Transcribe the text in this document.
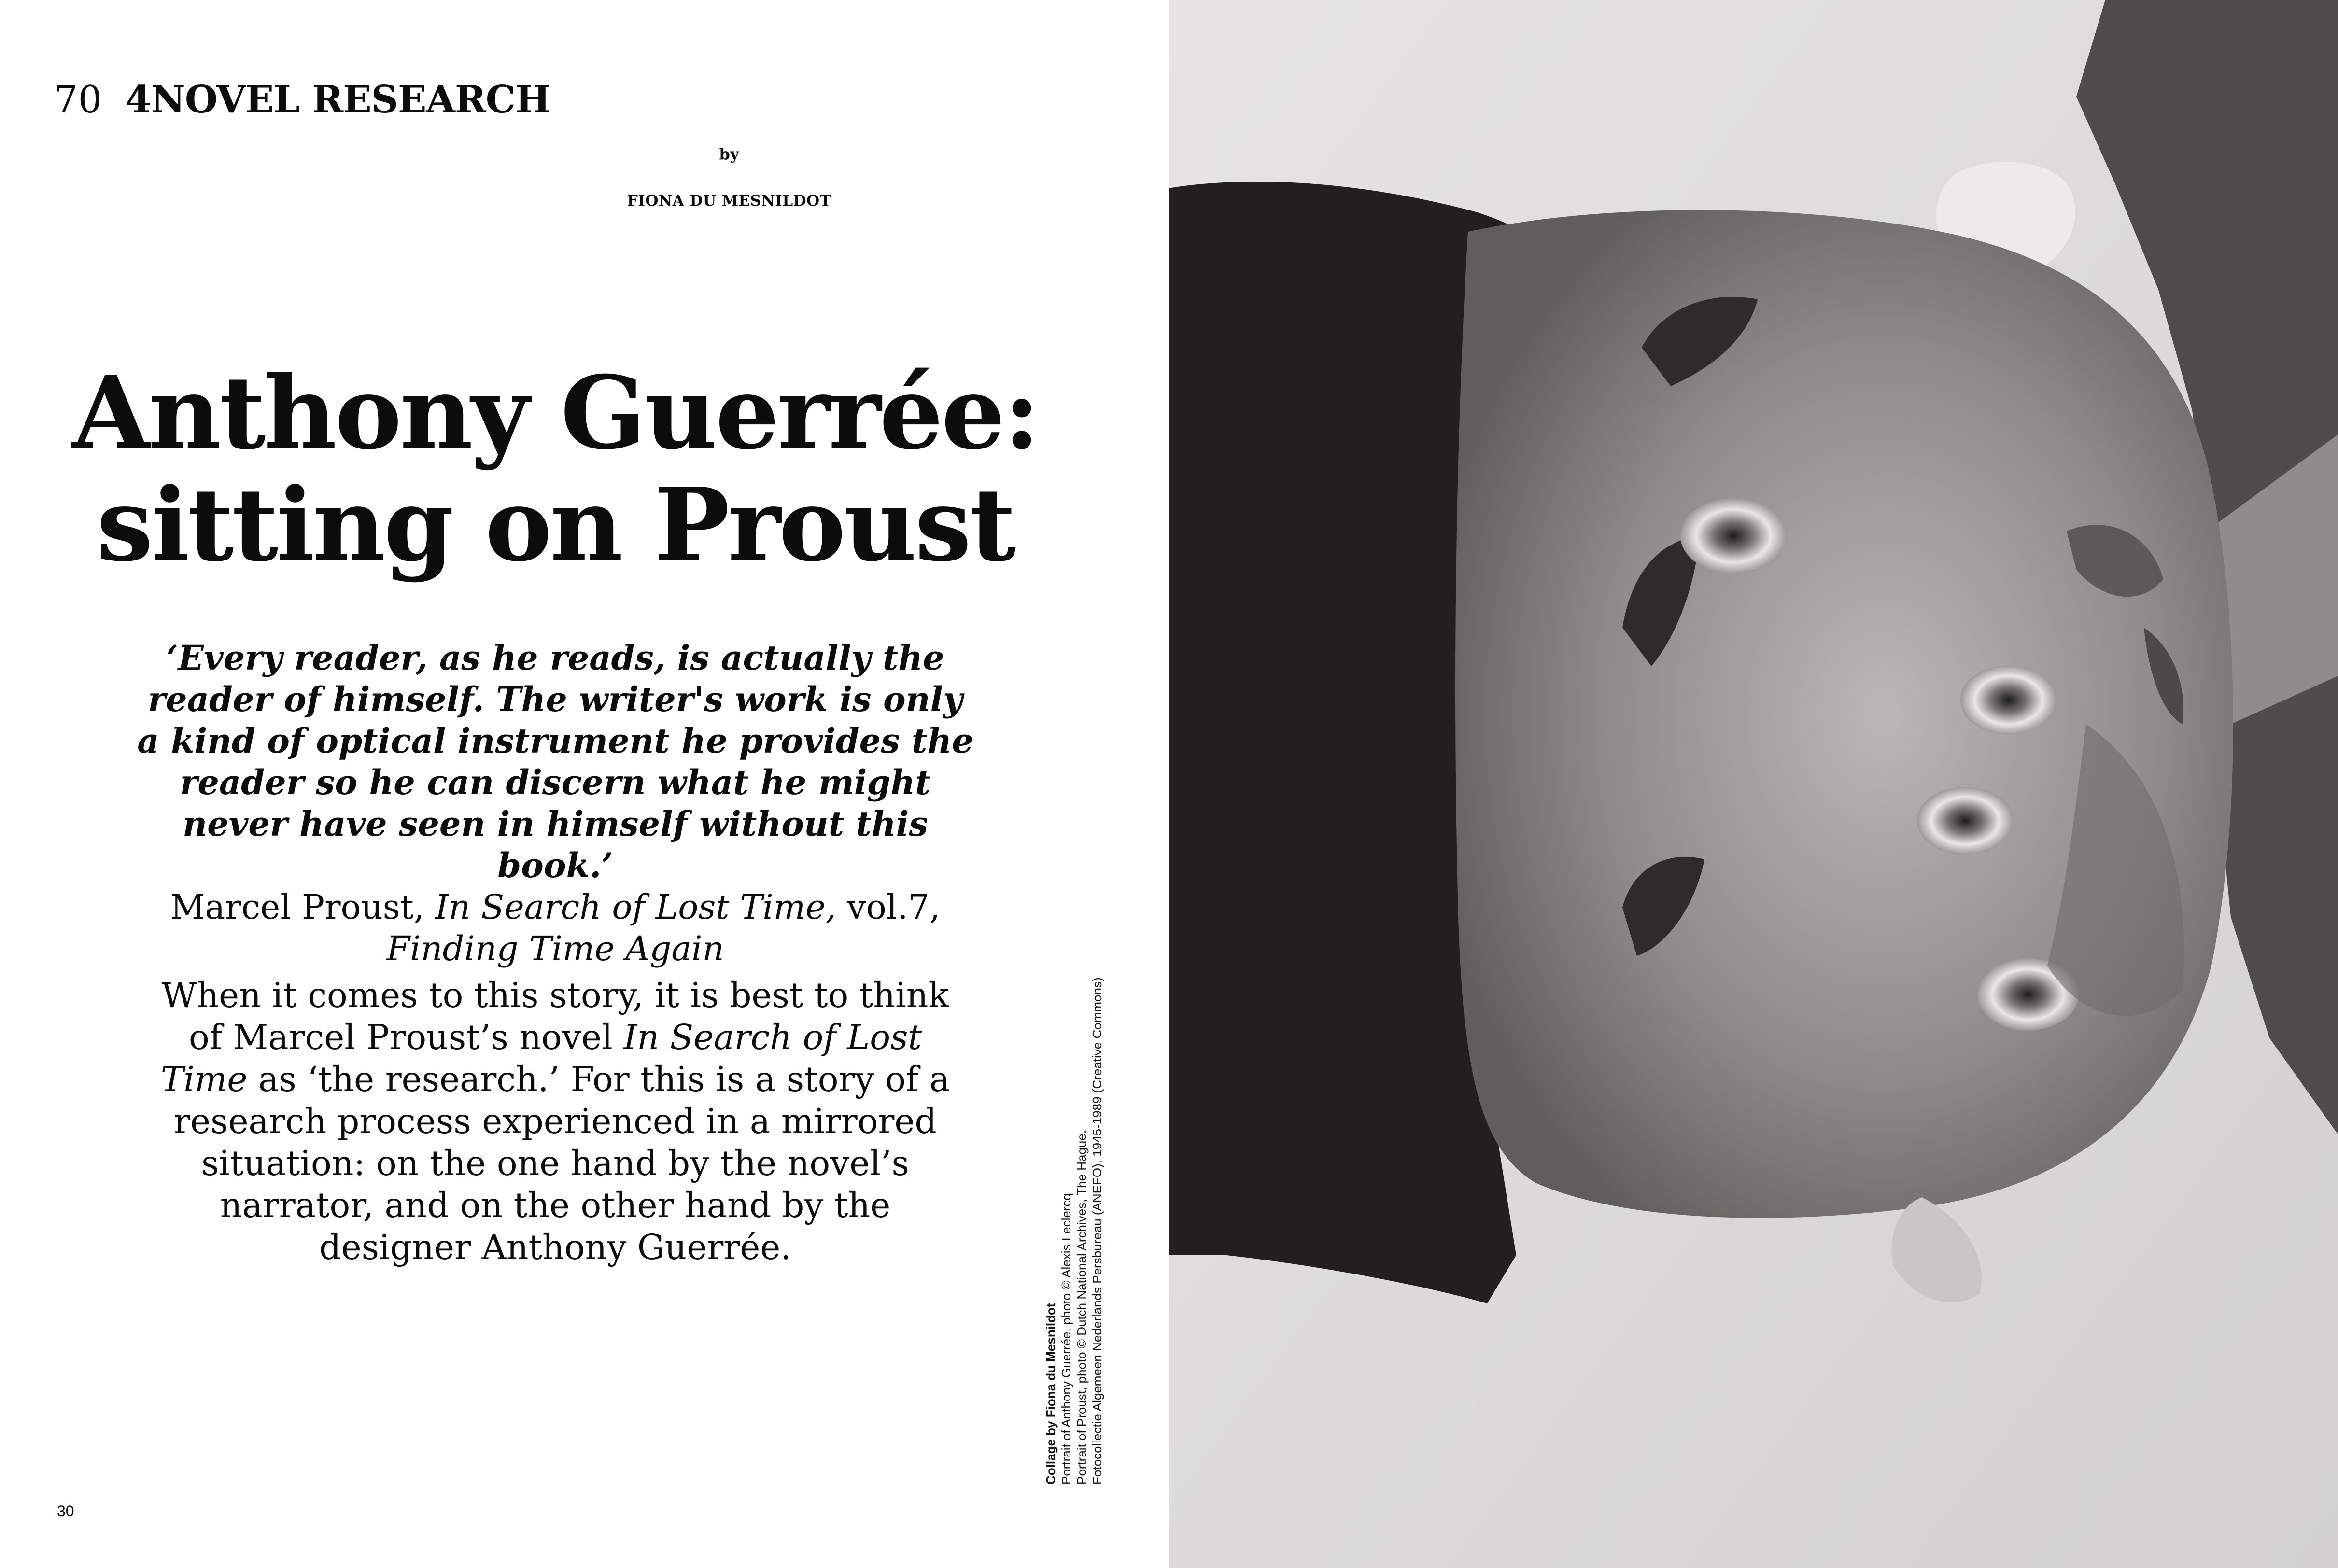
70 4NOVEL RESEARCH
by
FIONA DU MESNILDOT
Anthony Guerrée:
sitting on Proust
‘Every reader, as he reads, is actually the reader of himself. The writer's work is only a kind of optical instrument he provides the reader so he can discern what he might never have seen in himself without this book.’
Marcel Proust, In Search of Lost Time, vol.7,
Finding Time Again

When it comes to this story, it is best to think of Marcel Proust’s novel In Search of Lost Time as ‘the research.’ For this is a story of a research process experienced in a mirrored situation: on the one hand by the novel’s narrator, and on the other hand by the designer Anthony Guerrée.

30
Collage by Fiona du Mesnildot Portrait of Anthony Guerrée, photo © Alexis Leclercq Portrait of Proust, photo © Dutch National Archives, The Hague, Fotocollectie Algemeen Nederlands Persbureau (ANEFO), 1945-1989 (Creative Commons)
